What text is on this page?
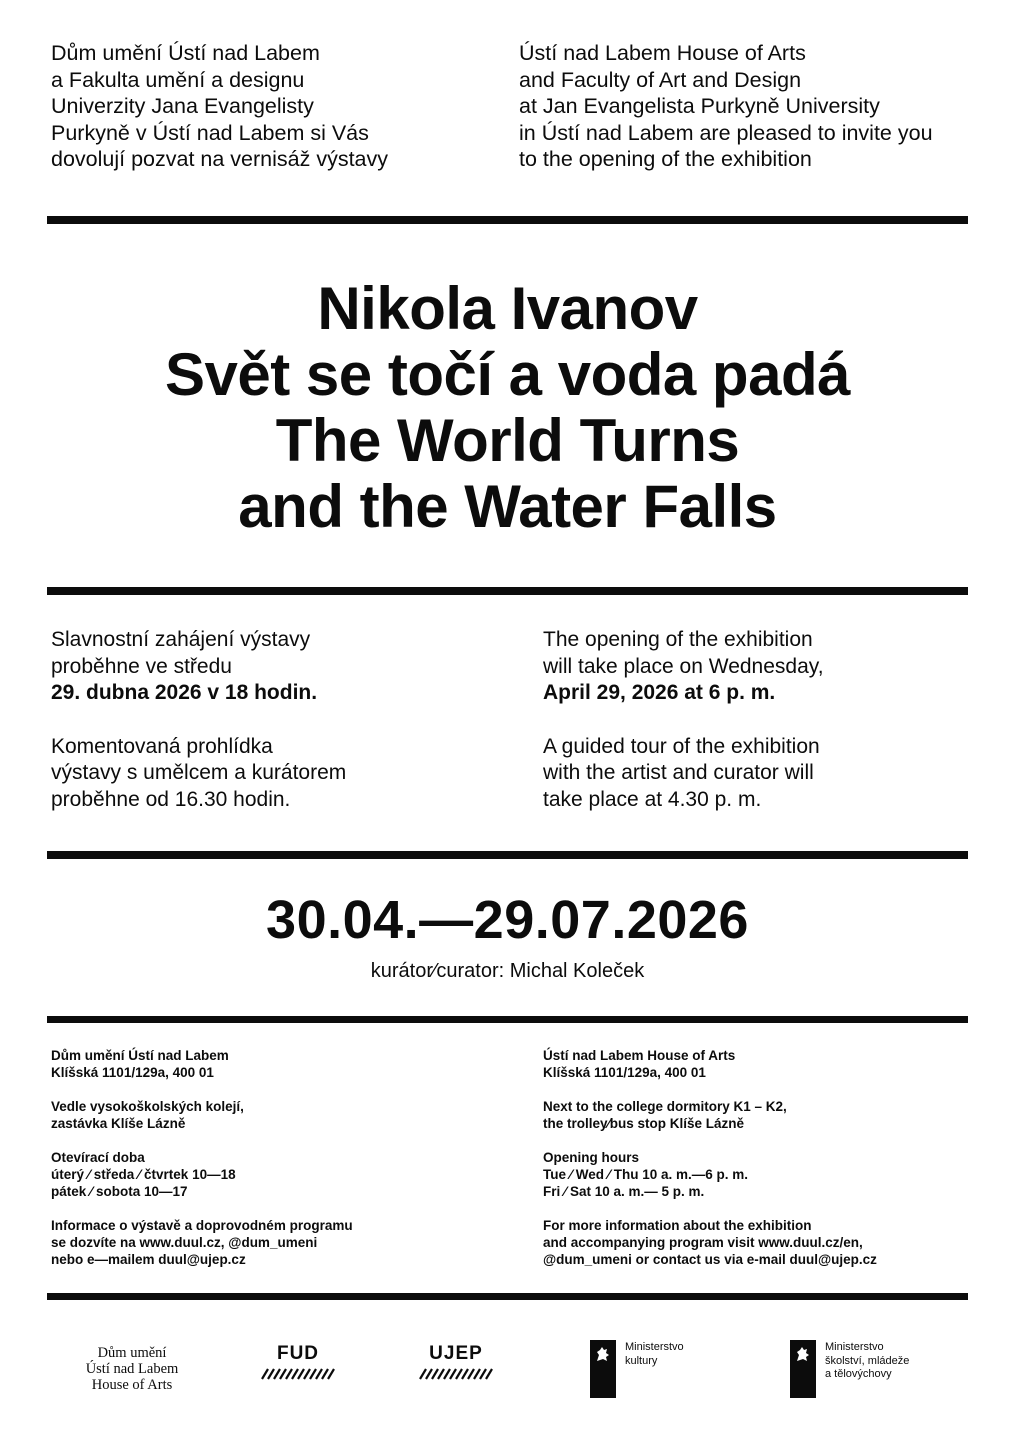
Dům umění Ústí nad Labem

a Fakulta umění a designu

Univerzity Jana Evangelisty

Purkyně v Ústí nad Labem si Vás

dovolují pozvat na vernisáž výstavy

Ústí nad Labem House of Arts

and Faculty of Art and Design

at Jan Evangelista Purkyně University

in Ústí nad Labem are pleased to invite you

to the opening of the exhibition

Nikola Ivanov
Svět se točí a voda padá
The World Turns
and the Water Falls

Slavnostní zahájení výstavy

proběhne ve středu

29. dubna 2026 v 18 hodin.

Komentovaná prohlídka

výstavy s umělcem a kurátorem

proběhne od 16.30 hodin.

The opening of the exhibition

will take place on Wednesday,

April 29, 2026 at 6 p. m.

A guided tour of the exhibition

with the artist and curator will

take place at 4.30 p. m.

30.04.—29.07.2026
kurátor⁄curator: Michal Koleček

Dům umění Ústí nad Labem

Klíšská 1101/129a, 400 01

Vedle vysokoškolských kolejí,

zastávka Klíše Lázně

Otevírací doba

úterý ⁄ středa ⁄ čtvrtek 10—18

pátek ⁄ sobota 10—17

Informace o výstavě a doprovodném programu

se dozvíte na www.duul.cz, @dum_umeni

nebo e—mailem duul@ujep.cz

Ústí nad Labem House of Arts

Klíšská 1101/129a, 400 01

Next to the college dormitory K1 – K2,

the trolley⁄bus stop Klíše Lázně

Opening hours

Tue ⁄ Wed ⁄ Thu 10 a. m.—6 p. m.

Fri ⁄ Sat 10 a. m.— 5 p. m.

For more information about the exhibition

and accompanying program visit www.duul.cz/en,

@dum_umeni or contact us via e-mail duul@ujep.cz

Dům umění
Ústí nad Labem
House of Arts
FUD	UJEP	Ministerstvo
kultury
Ministerstvo
školství, mládeže
a tělovýchovy
